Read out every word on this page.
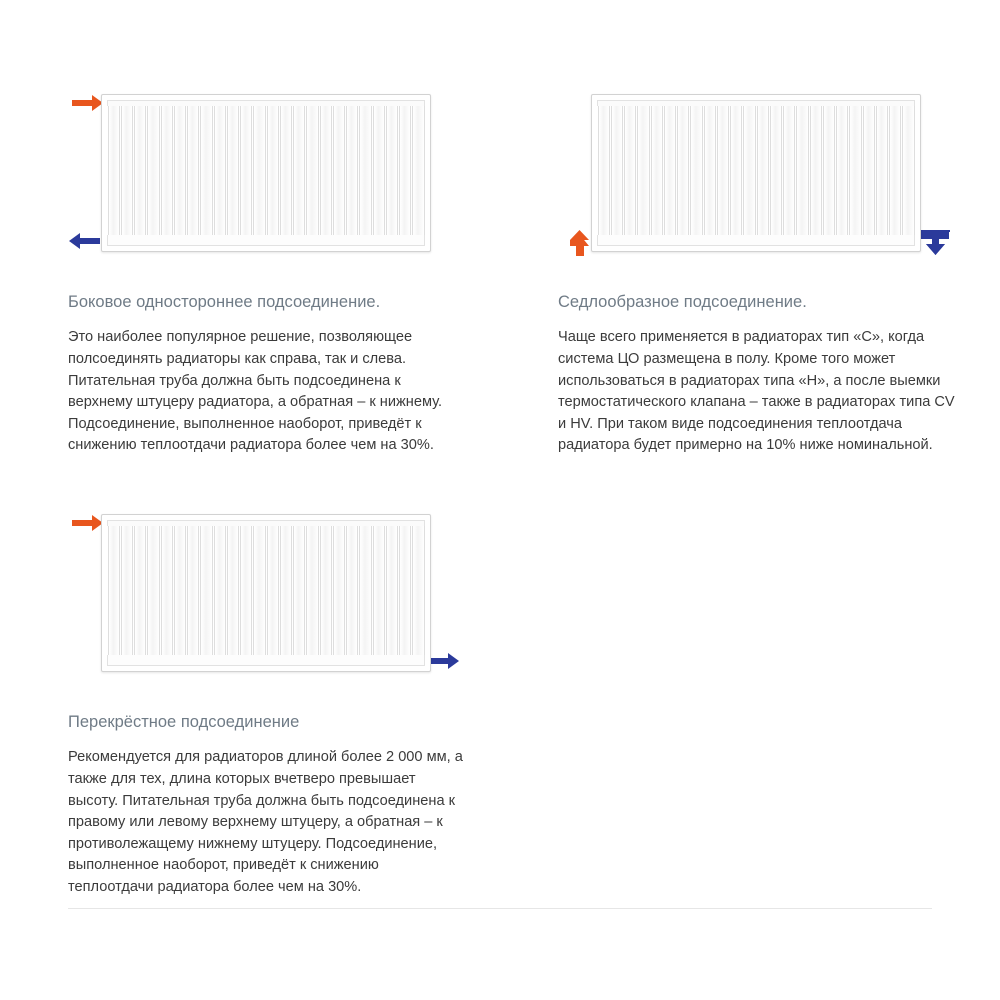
Боковое одностороннее подсоединение.

Это наиболее популярное решение, позволяющее полсоединять радиаторы как справа, так и слева. Питательная труба должна быть подсоединена к верхнему штуцеру радиатора, а обратная – к нижнему. Подсоединение, выполненное наоборот, приведёт к снижению теплоотдачи радиатора более чем на 30%.

Седлообразное подсоединение.

Чаще всего применяется в радиаторах тип «С», когда система ЦО размещена в полу. Кроме того может использоваться в радиаторах типа «Н», а после выемки термостатического клапана – также в радиаторах типа CV и HV. При таком виде подсоединения теплоотдача радиатора будет примерно на 10% ниже номинальной.

Перекрёстное подсоединение

Рекомендуется для радиаторов длиной более 2 000 мм, а также для тех, длина которых вчетверо превышает высоту. Питательная труба должна быть подсоединена к правому или левому верхнему штуцеру, а обратная – к противолежащему нижнему штуцеру. Подсоединение, выполненное наоборот, приведёт к снижению теплоотдачи радиатора более чем на 30%.
